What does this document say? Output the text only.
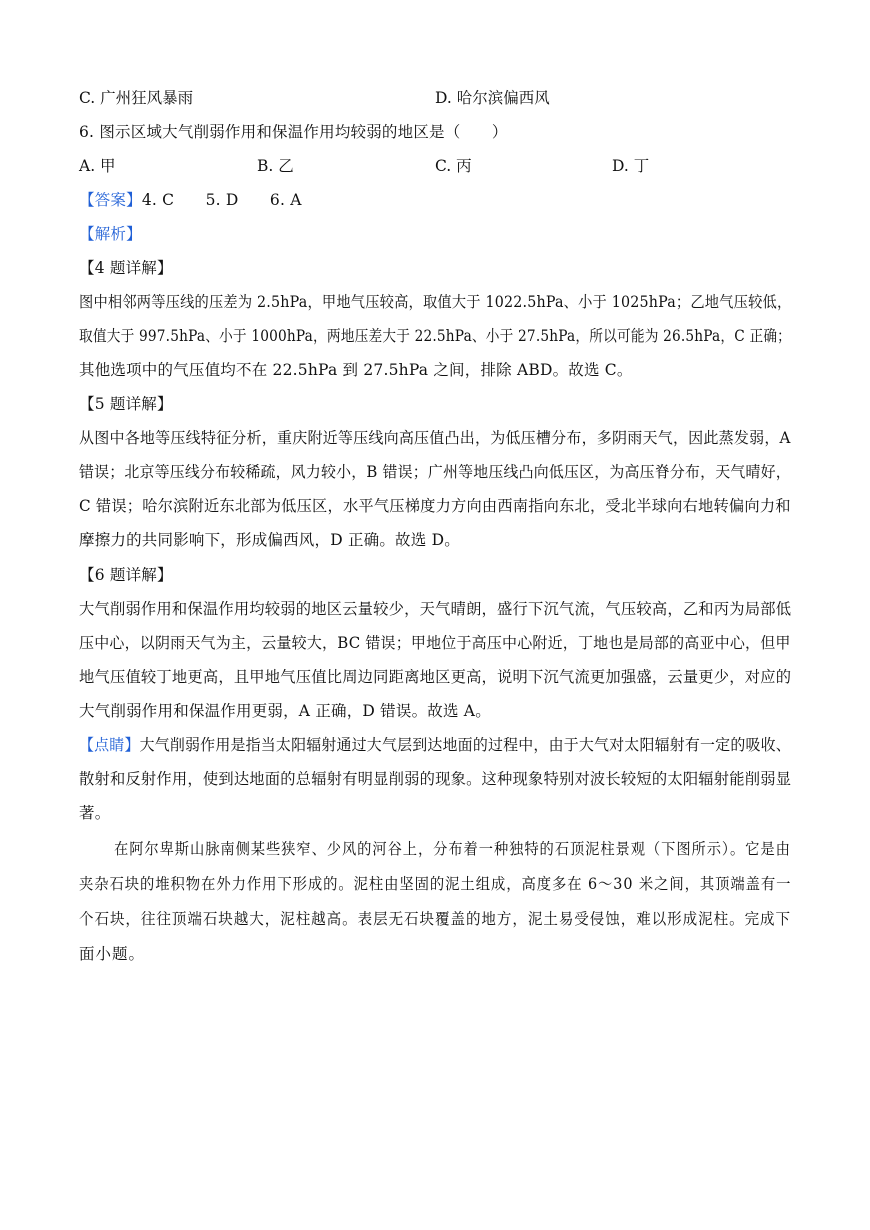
C. 广州狂风暴雨	D. 哈尔滨偏西风
6. 图示区域大气削弱作用和保温作用均较弱的地区是（　　）
A. 甲	B. 乙	C. 丙	D. 丁
【答案】4. C　　5. D　　6. A
【解析】
【4 题详解】
图中相邻两等压线的压差为 2.5hPa，甲地气压较高，取值大于 1022.5hPa、小于 1025hPa；乙地气压较低，
取值大于 997.5hPa、小于 1000hPa，两地压差大于 22.5hPa、小于 27.5hPa，所以可能为 26.5hPa，C 正确；
其他选项中的气压值均不在 22.5hPa 到 27.5hPa 之间，排除 ABD。故选 C。
【5 题详解】
从图中各地等压线特征分析，重庆附近等压线向高压值凸出，为低压槽分布，多阴雨天气，因此蒸发弱，A
错误；北京等压线分布较稀疏，风力较小，B 错误；广州等地压线凸向低压区，为高压脊分布，天气晴好，
C 错误；哈尔滨附近东北部为低压区，水平气压梯度力方向由西南指向东北，受北半球向右地转偏向力和
摩擦力的共同影响下，形成偏西风，D 正确。故选 D。
【6 题详解】
大气削弱作用和保温作用均较弱的地区云量较少，天气晴朗，盛行下沉气流，气压较高，乙和丙为局部低
压中心，以阴雨天气为主，云量较大，BC 错误；甲地位于高压中心附近，丁地也是局部的高亚中心，但甲
地气压值较丁地更高，且甲地气压值比周边同距离地区更高，说明下沉气流更加强盛，云量更少，对应的
大气削弱作用和保温作用更弱，A 正确，D 错误。故选 A。
【点睛】大气削弱作用是指当太阳辐射通过大气层到达地面的过程中，由于大气对太阳辐射有一定的吸收、
散射和反射作用，使到达地面的总辐射有明显削弱的现象。这种现象特别对波长较短的太阳辐射能削弱显
著。
在阿尔卑斯山脉南侧某些狭窄、少风的河谷上，分布着一种独特的石顶泥柱景观（下图所示）。它是由
夹杂石块的堆积物在外力作用下形成的。泥柱由坚固的泥土组成，高度多在 6～30 米之间，其顶端盖有一
个石块，往往顶端石块越大，泥柱越高。表层无石块覆盖的地方，泥土易受侵蚀，难以形成泥柱。完成下
面小题。
